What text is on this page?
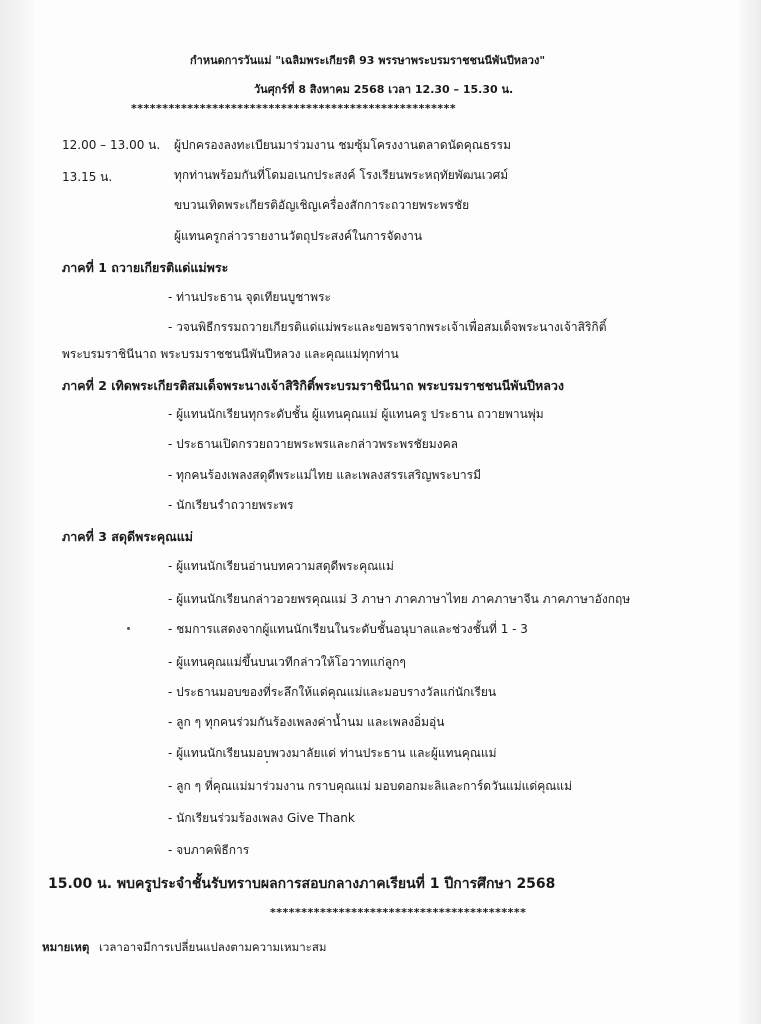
กำหนดการวันแม่ "เฉลิมพระเกียรติ 93 พรรษาพระบรมราชชนนีพันปีหลวง"
วันศุกร์ที่ 8 สิงหาคม 2568 เวลา 12.30 – 15.30 น.
****************************************************
12.00 – 13.00 น. ผู้ปกครองลงทะเบียนมาร่วมงาน ชมซุ้มโครงงานตลาดนัดคุณธรรม
13.15 น.	ทุกท่านพร้อมกันที่โดมอเนกประสงค์ โรงเรียนพระหฤทัยพัฒนเวศม์
ขบวนเทิดพระเกียรติอัญเชิญเครื่องสักการะถวายพระพรชัย
ผู้แทนครูกล่าวรายงานวัตถุประสงค์ในการจัดงาน
ภาคที่ 1 ถวายเกียรติแด่แม่พระ
- ท่านประธาน จุดเทียนบูชาพระ
- วจนพิธีกรรมถวายเกียรติแด่แม่พระและขอพรจากพระเจ้าเพื่อสมเด็จพระนางเจ้าสิริกิติ์
พระบรมราชินีนาถ พระบรมราชชนนีพันปีหลวง และคุณแม่ทุกท่าน
ภาคที่ 2 เทิดพระเกียรติสมเด็จพระนางเจ้าสิริกิติ์พระบรมราชินีนาถ พระบรมราชชนนีพันปีหลวง
- ผู้แทนนักเรียนทุกระดับชั้น ผู้แทนคุณแม่ ผู้แทนครู ประธาน ถวายพานพุ่ม
- ประธานเปิดกรวยถวายพระพรและกล่าวพระพรชัยมงคล
- ทุกคนร้องเพลงสดุดีพระแม่ไทย และเพลงสรรเสริญพระบารมี
- นักเรียนรำถวายพระพร
ภาคที่ 3 สดุดีพระคุณแม่
- ผู้แทนนักเรียนอ่านบทความสดุดีพระคุณแม่
- ผู้แทนนักเรียนกล่าวอวยพรคุณแม่ 3 ภาษา ภาคภาษาไทย ภาคภาษาจีน ภาคภาษาอังกฤษ
- ชมการแสดงจากผู้แทนนักเรียนในระดับชั้นอนุบาลและช่วงชั้นที่ 1 - 3
- ผู้แทนคุณแม่ขึ้นบนเวทีกล่าวให้โอวาทแก่ลูกๆ
- ประธานมอบของที่ระลึกให้แด่คุณแม่และมอบรางวัลแก่นักเรียน
- ลูก ๆ ทุกคนร่วมกันร้องเพลงค่าน้ำนม และเพลงอิ่มอุ่น
- ผู้แทนนักเรียนมอบพวงมาลัยแด่ ท่านประธาน และผู้แทนคุณแม่
- ลูก ๆ ที่คุณแม่มาร่วมงาน กราบคุณแม่ มอบดอกมะลิและการ์ดวันแม่แด่คุณแม่
- นักเรียนร่วมร้องเพลง Give Thank
- จบภาคพิธีการ
15.00 น. พบครูประจำชั้นรับทราบผลการสอบกลางภาคเรียนที่ 1 ปีการศึกษา 2568
*****************************************
หมายเหตุ เวลาอาจมีการเปลี่ยนแปลงตามความเหมาะสม
